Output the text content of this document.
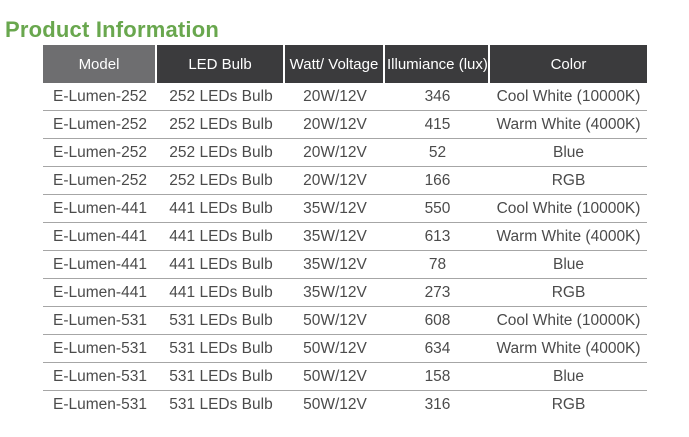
Product Information
Model	LED Bulb	Watt/ Voltage	Illumiance (lux)	Color
E-Lumen-252	252 LEDs Bulb	20W/12V	346	Cool White (10000K)
E-Lumen-252	252 LEDs Bulb	20W/12V	415	Warm White (4000K)
E-Lumen-252	252 LEDs Bulb	20W/12V	52	Blue
E-Lumen-252	252 LEDs Bulb	20W/12V	166	RGB
E-Lumen-441	441 LEDs Bulb	35W/12V	550	Cool White (10000K)
E-Lumen-441	441 LEDs Bulb	35W/12V	613	Warm White (4000K)
E-Lumen-441	441 LEDs Bulb	35W/12V	78	Blue
E-Lumen-441	441 LEDs Bulb	35W/12V	273	RGB
E-Lumen-531	531 LEDs Bulb	50W/12V	608	Cool White (10000K)
E-Lumen-531	531 LEDs Bulb	50W/12V	634	Warm White (4000K)
E-Lumen-531	531 LEDs Bulb	50W/12V	158	Blue
E-Lumen-531	531 LEDs Bulb	50W/12V	316	RGB
